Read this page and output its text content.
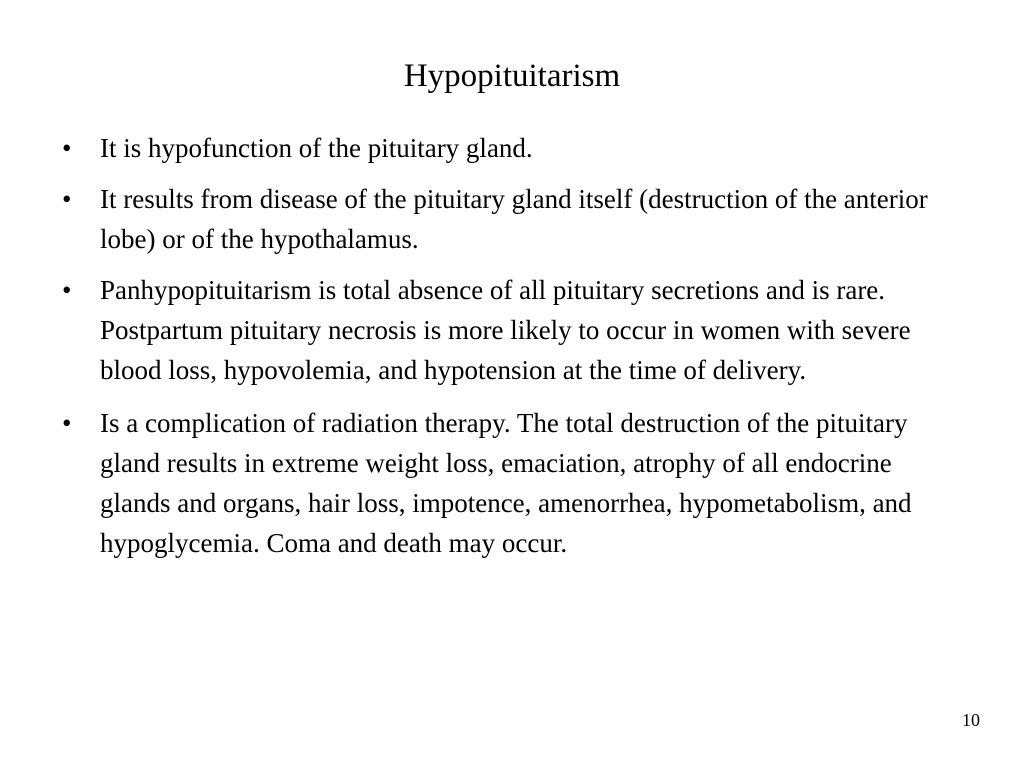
Hypopituitarism
•	It is hypofunction of the pituitary gland.
•	It results from disease of the pituitary gland itself (destruction of the anterior lobe) or of the hypothalamus.
•	Panhypopituitarism is total absence of all pituitary secretions and is rare. Postpartum pituitary necrosis is more likely to occur in women with severe blood loss, hypovolemia, and hypotension at the time of delivery.
•	Is a complication of radiation therapy. The total destruction of the pituitary gland results in extreme weight loss, emaciation, atrophy of all endocrine glands and organs, hair loss, impotence, amenorrhea, hypometabolism, and hypoglycemia. Coma and death may occur.
10
